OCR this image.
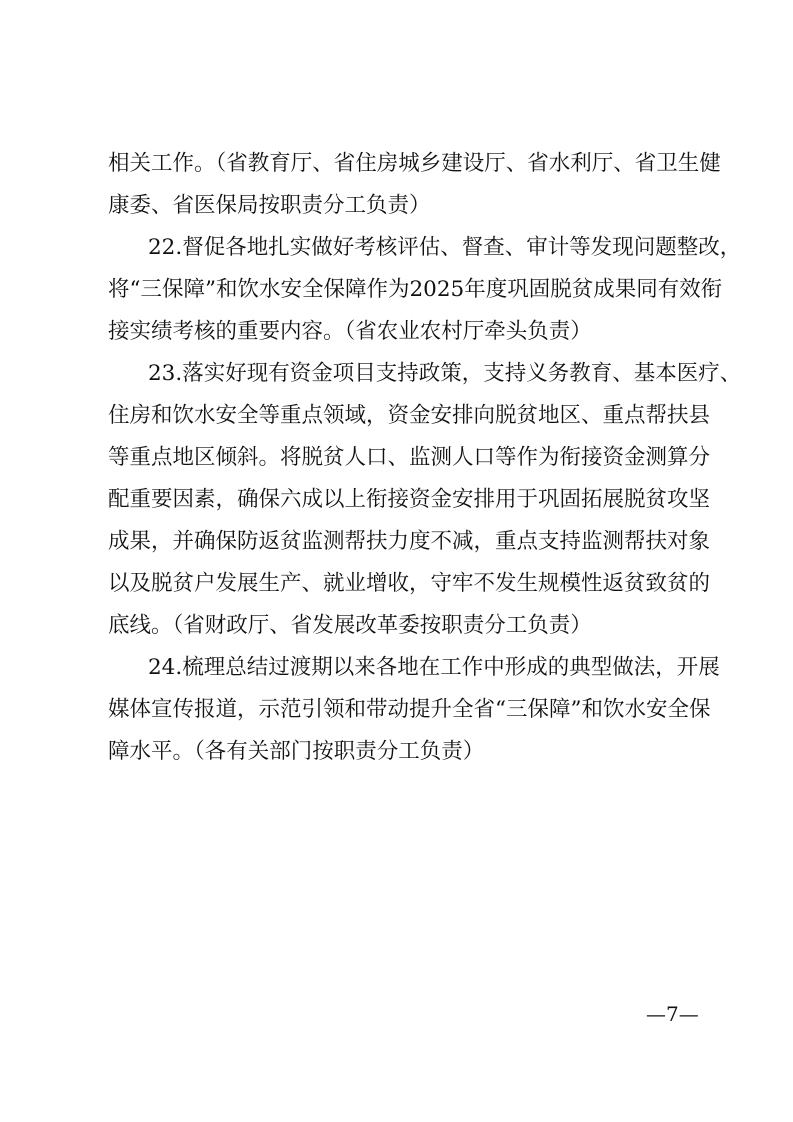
相关工作。（省教育厅、省住房城乡建设厅、省水利厅、省卫生健
康委、省医保局按职责分工负责）
22.督促各地扎实做好考核评估、督查、审计等发现问题整改，
将“三保障”和饮水安全保障作为2025年度巩固脱贫成果同有效衔
接实绩考核的重要内容。（省农业农村厅牵头负责）
23.落实好现有资金项目支持政策，支持义务教育、基本医疗、
住房和饮水安全等重点领域，资金安排向脱贫地区、重点帮扶县
等重点地区倾斜。将脱贫人口、监测人口等作为衔接资金测算分
配重要因素，确保六成以上衔接资金安排用于巩固拓展脱贫攻坚
成果，并确保防返贫监测帮扶力度不减，重点支持监测帮扶对象
以及脱贫户发展生产、就业增收，守牢不发生规模性返贫致贫的
底线。（省财政厅、省发展改革委按职责分工负责）
24.梳理总结过渡期以来各地在工作中形成的典型做法，开展
媒体宣传报道，示范引领和带动提升全省“三保障”和饮水安全保
障水平。（各有关部门按职责分工负责）
—7—
